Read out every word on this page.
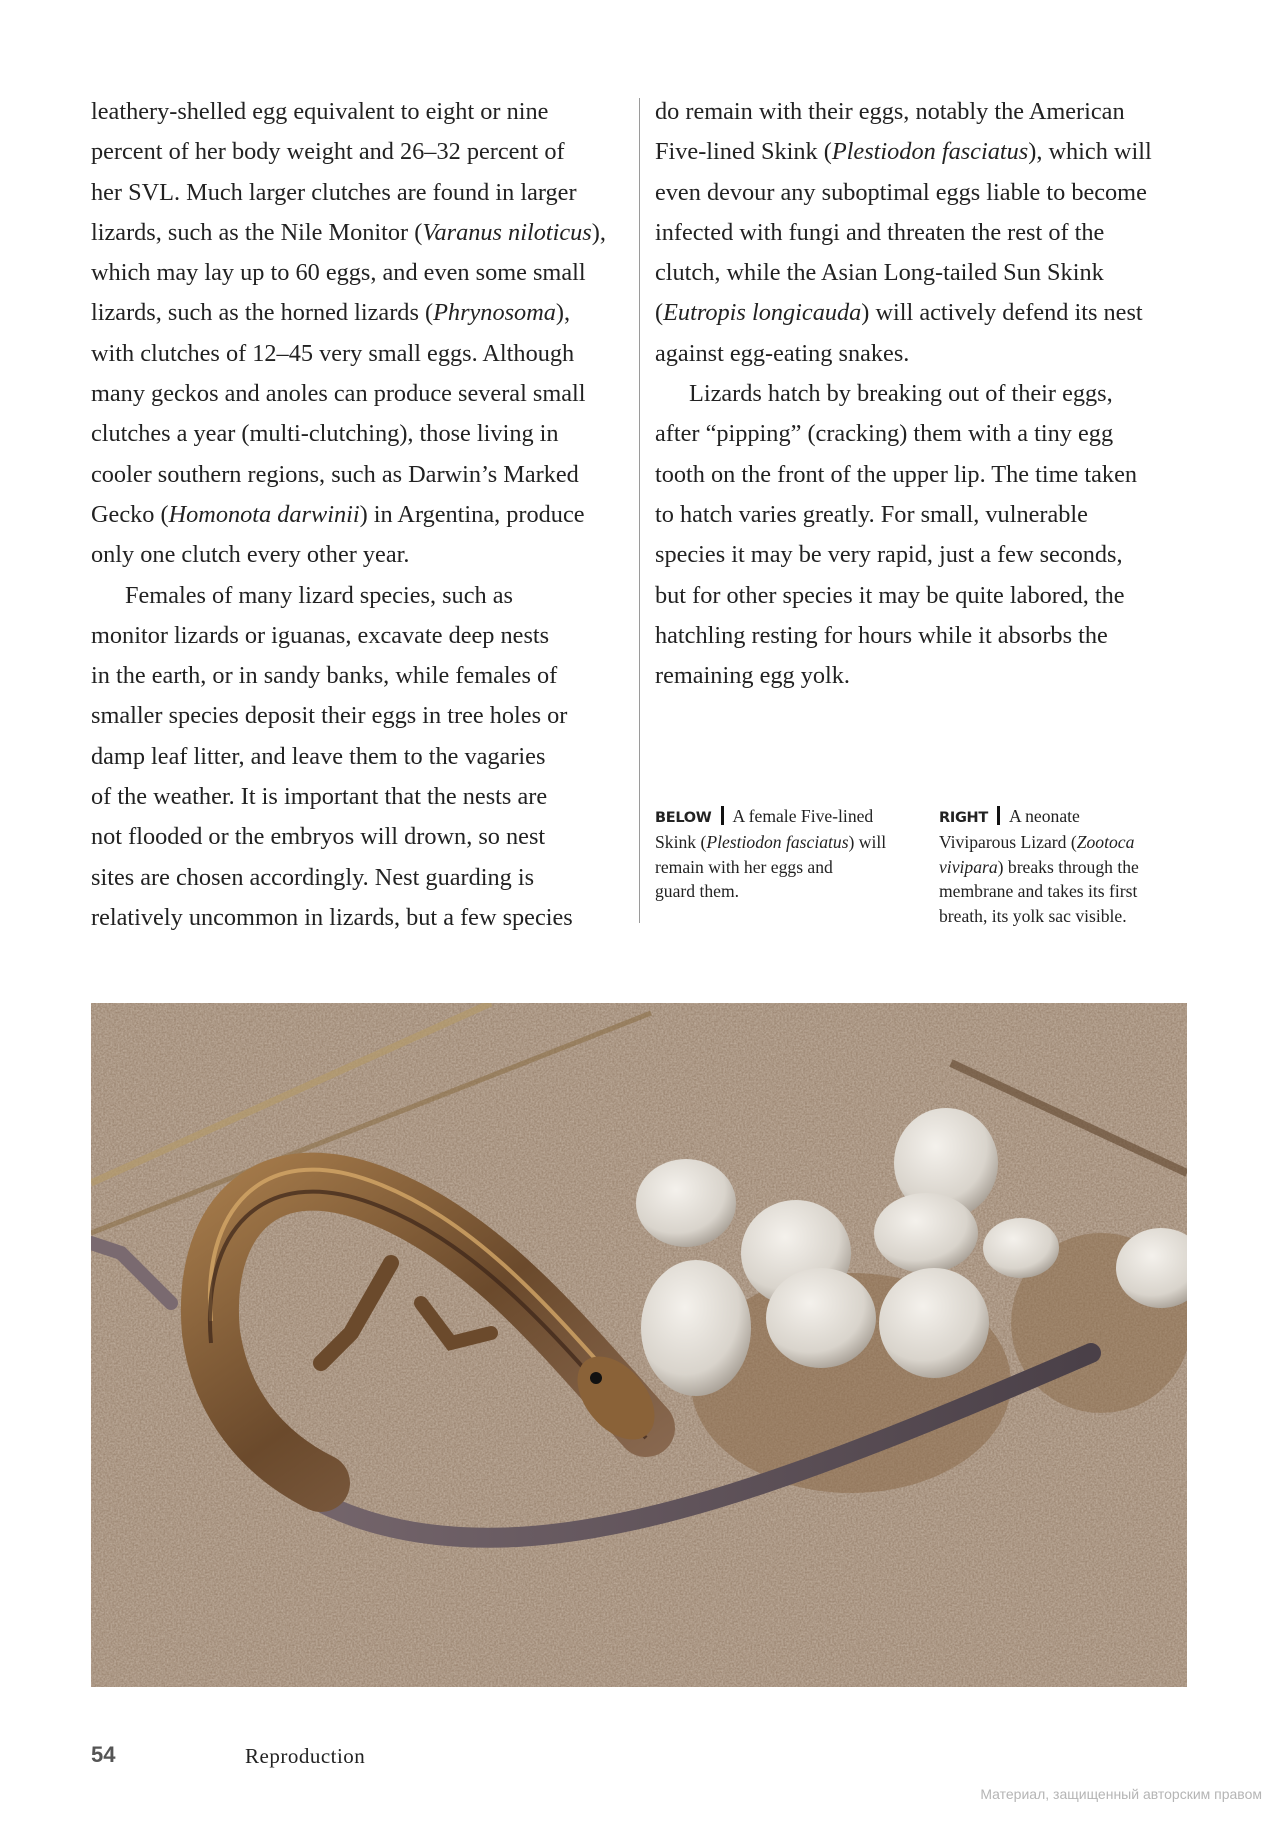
leathery-shelled egg equivalent to eight or nine
percent of her body weight and 26–32 percent of
her SVL. Much larger clutches are found in larger
lizards, such as the Nile Monitor (Varanus niloticus),
which may lay up to 60 eggs, and even some small
lizards, such as the horned lizards (Phrynosoma),
with clutches of 12–45 very small eggs. Although
many geckos and anoles can produce several small
clutches a year (multi-clutching), those living in
cooler southern regions, such as Darwin’s Marked
Gecko (Homonota darwinii) in Argentina, produce
only one clutch every other year.
Females of many lizard species, such as
monitor lizards or iguanas, excavate deep nests
in the earth, or in sandy banks, while females of
smaller species deposit their eggs in tree holes or
damp leaf litter, and leave them to the vagaries
of the weather. It is important that the nests are
not flooded or the embryos will drown, so nest
sites are chosen accordingly. Nest guarding is
relatively uncommon in lizards, but a few species
do remain with their eggs, notably the American
Five-lined Skink (Plestiodon fasciatus), which will
even devour any suboptimal eggs liable to become
infected with fungi and threaten the rest of the
clutch, while the Asian Long-tailed Sun Skink
(Eutropis longicauda) will actively defend its nest
against egg-eating snakes.
Lizards hatch by breaking out of their eggs,
after “pipping” (cracking) them with a tiny egg
tooth on the front of the upper lip. The time taken
to hatch varies greatly. For small, vulnerable
species it may be very rapid, just a few seconds,
but for other species it may be quite labored, the
hatchling resting for hours while it absorbs the
remaining egg yolk.
BELOW A female Five-lined
Skink (Plestiodon fasciatus) will
remain with her eggs and
guard them.
RIGHT A neonate
Viviparous Lizard (Zootoca
vivipara) breaks through the
membrane and takes its first
breath, its yolk sac visible.
54	Reproduction
Материал, защищенный авторским правом
